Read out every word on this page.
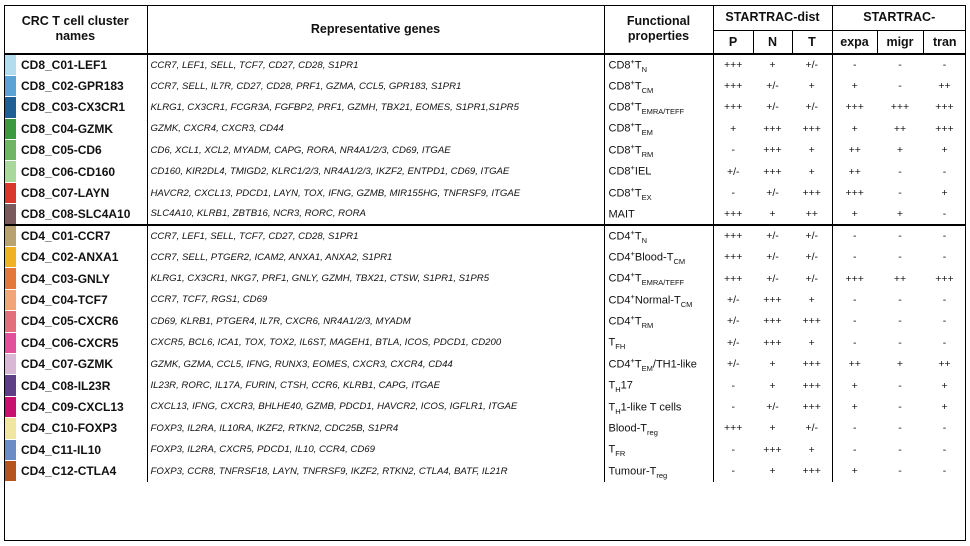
CRC T cell cluster names		Representative genes	Functional properties	STARTRAC-dist			STARTRAC-		
				P	N	T	expa	migr	tran
	CD8_C01-LEF1	CCR7, LEF1, SELL, TCF7, CD27, CD28, S1PR1	$CD8^+T_N$	+++	+	+/-	-	-	-
	CD8_C02-GPR183	CCR7, SELL, IL7R, CD27, CD28, PRF1, GZMA, CCL5, GPR183, S1PR1	$CD8^+T_{CM}$	+++	+/-	+	+	-	++
	CD8_C03-CX3CR1	KLRG1, CX3CR1, FCGR3A, FGFBP2, PRF1, GZMH, TBX21, EOMES, S1PR1,S1PR5	$CD8^+T_{EMRA/TEFF}$	+++	+/-	+/-	+++	+++	+++
	CD8_C04-GZMK	GZMK, CXCR4, CXCR3, CD44	$CD8^+T_{EM}$	+	+++	+++	+	++	+++
	CD8_C05-CD6	CD6, XCL1, XCL2, MYADM, CAPG, RORA, NR4A1/2/3, CD69, ITGAE	$CD8^+T_{RM}$	-	+++	+	++	+	+
	CD8_C06-CD160	CD160, KIR2DL4, TMIGD2, KLRC1/2/3, NR4A1/2/3, IKZF2, ENTPD1, CD69, ITGAE	CD8+IEL	+/-	+++	+	++	-	-
	CD8_C07-LAYN	HAVCR2, CXCL13, PDCD1, LAYN, TOX, IFNG, GZMB, MIR155HG, TNFRSF9, ITGAE	$CD8^+T_{EX}$	-	+/-	+++	+++	-	+
	CD8_C08-SLC4A10	SLC4A10, KLRB1, ZBTB16, NCR3, RORC, RORA	MAIT	+++	+	++	+	+	-
	CD4_C01-CCR7	CCR7, LEF1, SELL, TCF7, CD27, CD28, S1PR1	$CD4^+T_N$	+++	+/-	+/-	-	-	-
	CD4_C02-ANXA1	CCR7, SELL, PTGER2, ICAM2, ANXA1, ANXA2, S1PR1	$CD4^+Blood-T_{CM}$	+++	+/-	+/-	-	-	-
	CD4_C03-GNLY	KLRG1, CX3CR1, NKG7, PRF1, GNLY, GZMH, TBX21, CTSW, S1PR1, S1PR5	$CD4^+T_{EMRA/TEFF}$	+++	+/-	+/-	+++	++	+++
	CD4_C04-TCF7	CCR7, TCF7, RGS1, CD69	$CD4^+Normal-T_{CM}$	+/-	+++	+	-	-	-
	CD4_C05-CXCR6	CD69, KLRB1, PTGER4, IL7R, CXCR6, NR4A1/2/3, MYADM	$CD4^+T_{RM}$	+/-	+++	+++	-	-	-
	CD4_C06-CXCR5	CXCR5, BCL6, ICA1, TOX, TOX2, IL6ST, MAGEH1, BTLA, ICOS, PDCD1, CD200	$T_{FH}$	+/-	+++	+	-	-	-
	CD4_C07-GZMK	GZMK, GZMA, CCL5, IFNG, RUNX3, EOMES, CXCR3, CXCR4, CD44	$CD4^+T_{EM}/TH1$-like	+/-	+	+++	++	+	++
	CD4_C08-IL23R	IL23R, RORC, IL17A, FURIN, CTSH, CCR6, KLRB1, CAPG, ITGAE	$T_H17$	-	+	+++	+	-	+
	CD4_C09-CXCL13	CXCL13, IFNG, CXCR3, BHLHE40, GZMB, PDCD1, HAVCR2, ICOS, IGFLR1, ITGAE	$T_H1$-like T cells	-	+/-	+++	+	-	+
	CD4_C10-FOXP3	FOXP3, IL2RA, IL10RA, IKZF2, RTKN2, CDC25B, S1PR4	Blood-$T_{reg}$	+++	+	+/-	-	-	-
	CD4_C11-IL10	FOXP3, IL2RA, CXCR5, PDCD1, IL10, CCR4, CD69	$T_{FR}$	-	+++	+	-	-	-
	CD4_C12-CTLA4	FOXP3, CCR8, TNFRSF18, LAYN, TNFRSF9, IKZF2, RTKN2, CTLA4, BATF, IL21R	Tumour-$T_{reg}$	-	+	+++	+	-	-
